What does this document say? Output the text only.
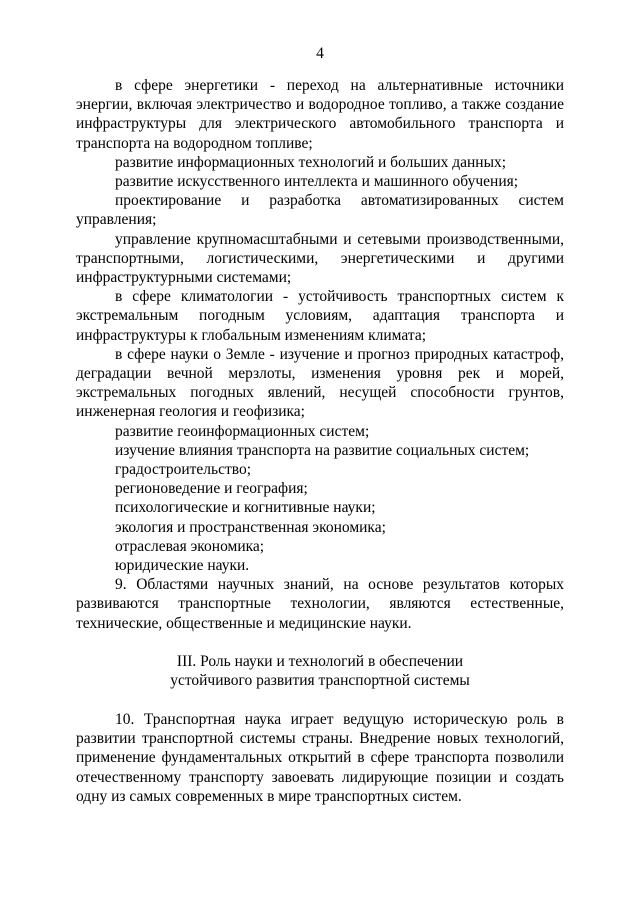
4

в сфере энергетики - переход на альтернативные источники энергии, включая электричество и водородное топливо, а также создание инфраструктуры для электрического автомобильного транспорта и транспорта на водородном топливе;

развитие информационных технологий и больших данных;

развитие искусственного интеллекта и машинного обучения;

проектирование и разработка автоматизированных систем управления;

управление крупномасштабными и сетевыми производственными, транспортными, логистическими, энергетическими и другими инфраструктурными системами;

в сфере климатологии - устойчивость транспортных систем к экстремальным погодным условиям, адаптация транспорта и инфраструктуры к глобальным изменениям климата;

в сфере науки о Земле - изучение и прогноз природных катастроф, деградации вечной мерзлоты, изменения уровня рек и морей, экстремальных погодных явлений, несущей способности грунтов, инженерная геология и геофизика;

развитие геоинформационных систем;

изучение влияния транспорта на развитие социальных систем;

градостроительство;

регионоведение и география;

психологические и когнитивные науки;

экология и пространственная экономика;

отраслевая экономика;

юридические науки.

9. Областями научных знаний, на основе результатов которых развиваются транспортные технологии, являются естественные, технические, общественные и медицинские науки.

III. Роль науки и технологий в обеспечении
устойчивого развития транспортной системы

10. Транспортная наука играет ведущую историческую роль в развитии транспортной системы страны. Внедрение новых технологий, применение фундаментальных открытий в сфере транспорта позволили отечественному транспорту завоевать лидирующие позиции и создать одну из самых современных в мире транспортных систем.
